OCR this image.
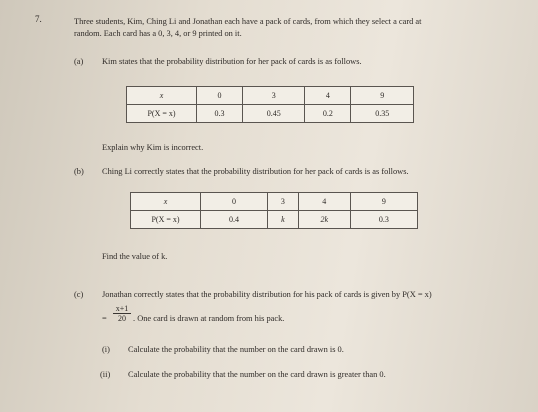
7.	Three students, Kim, Ching Li and Jonathan each have a pack of cards, from which they select a card at
random. Each card has a 0, 3, 4, or 9 printed on it.
(a) Kim states that the probability distribution for her pack of cards is as follows.
x	0	3	4	9
P(X = x)	0.3	0.45	0.2	0.35
Explain why Kim is incorrect.
(b) Ching Li correctly states that the probability distribution for her pack of cards is as follows.
x	0	3	4	9
P(X = x)	0.4	k	2k	0.3
Find the value of k.
(c) Jonathan correctly states that the probability distribution for his pack of cards is given by P(X = x)
= $\frac{x+1}{20}$ . One card is drawn at random from his pack.
(i) Calculate the probability that the number on the card drawn is 0.
(ii) Calculate the probability that the number on the card drawn is greater than 0.
